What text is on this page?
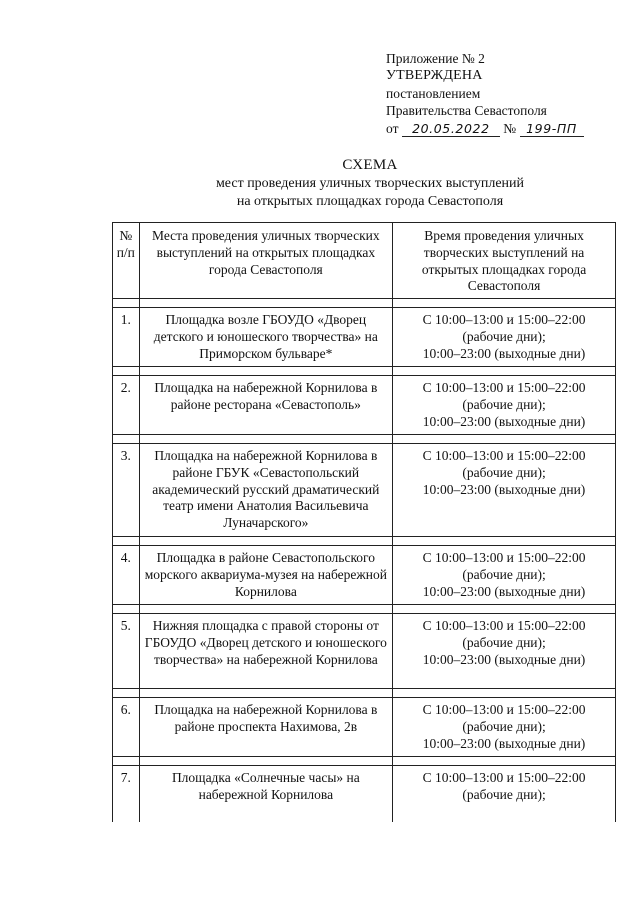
Приложение № 2
УТВЕРЖДЕНА
постановлением
Правительства Севастополя
от 20.05.2022 № 199-ПП
СХЕМА
мест проведения уличных творческих выступлений
на открытых площадках города Севастополя
№ п/п	Места проведения уличных творческих выступлений на открытых площадках города Севастополя	Время проведения уличных творческих выступлений на открытых площадках города Севастополя

1.	Площадка возле ГБОУДО «Дворец детского и юношеского творчества» на Приморском бульваре*	С 10:00–13:00 и 15:00–22:00
(рабочие дни);
10:00–23:00 (выходные дни)

2.	Площадка на набережной Корнилова в районе ресторана «Севастополь»	С 10:00–13:00 и 15:00–22:00
(рабочие дни);
10:00–23:00 (выходные дни)

3.	Площадка на набережной Корнилова в районе ГБУК «Севастопольский академический русский драматический театр имени Анатолия Васильевича Луначарского»	С 10:00–13:00 и 15:00–22:00
(рабочие дни);
10:00–23:00 (выходные дни)

4.	Площадка в районе Севастопольского морского аквариума-музея на набережной Корнилова	С 10:00–13:00 и 15:00–22:00
(рабочие дни);
10:00–23:00 (выходные дни)

5.	Нижняя площадка с правой стороны от ГБОУДО «Дворец детского и юношеского творчества» на набережной Корнилова	С 10:00–13:00 и 15:00–22:00
(рабочие дни);
10:00–23:00 (выходные дни)

6.	Площадка на набережной Корнилова в районе проспекта Нахимова, 2в	С 10:00–13:00 и 15:00–22:00
(рабочие дни);
10:00–23:00 (выходные дни)

7.	Площадка «Солнечные часы» на набережной Корнилова	С 10:00–13:00 и 15:00–22:00
(рабочие дни);
